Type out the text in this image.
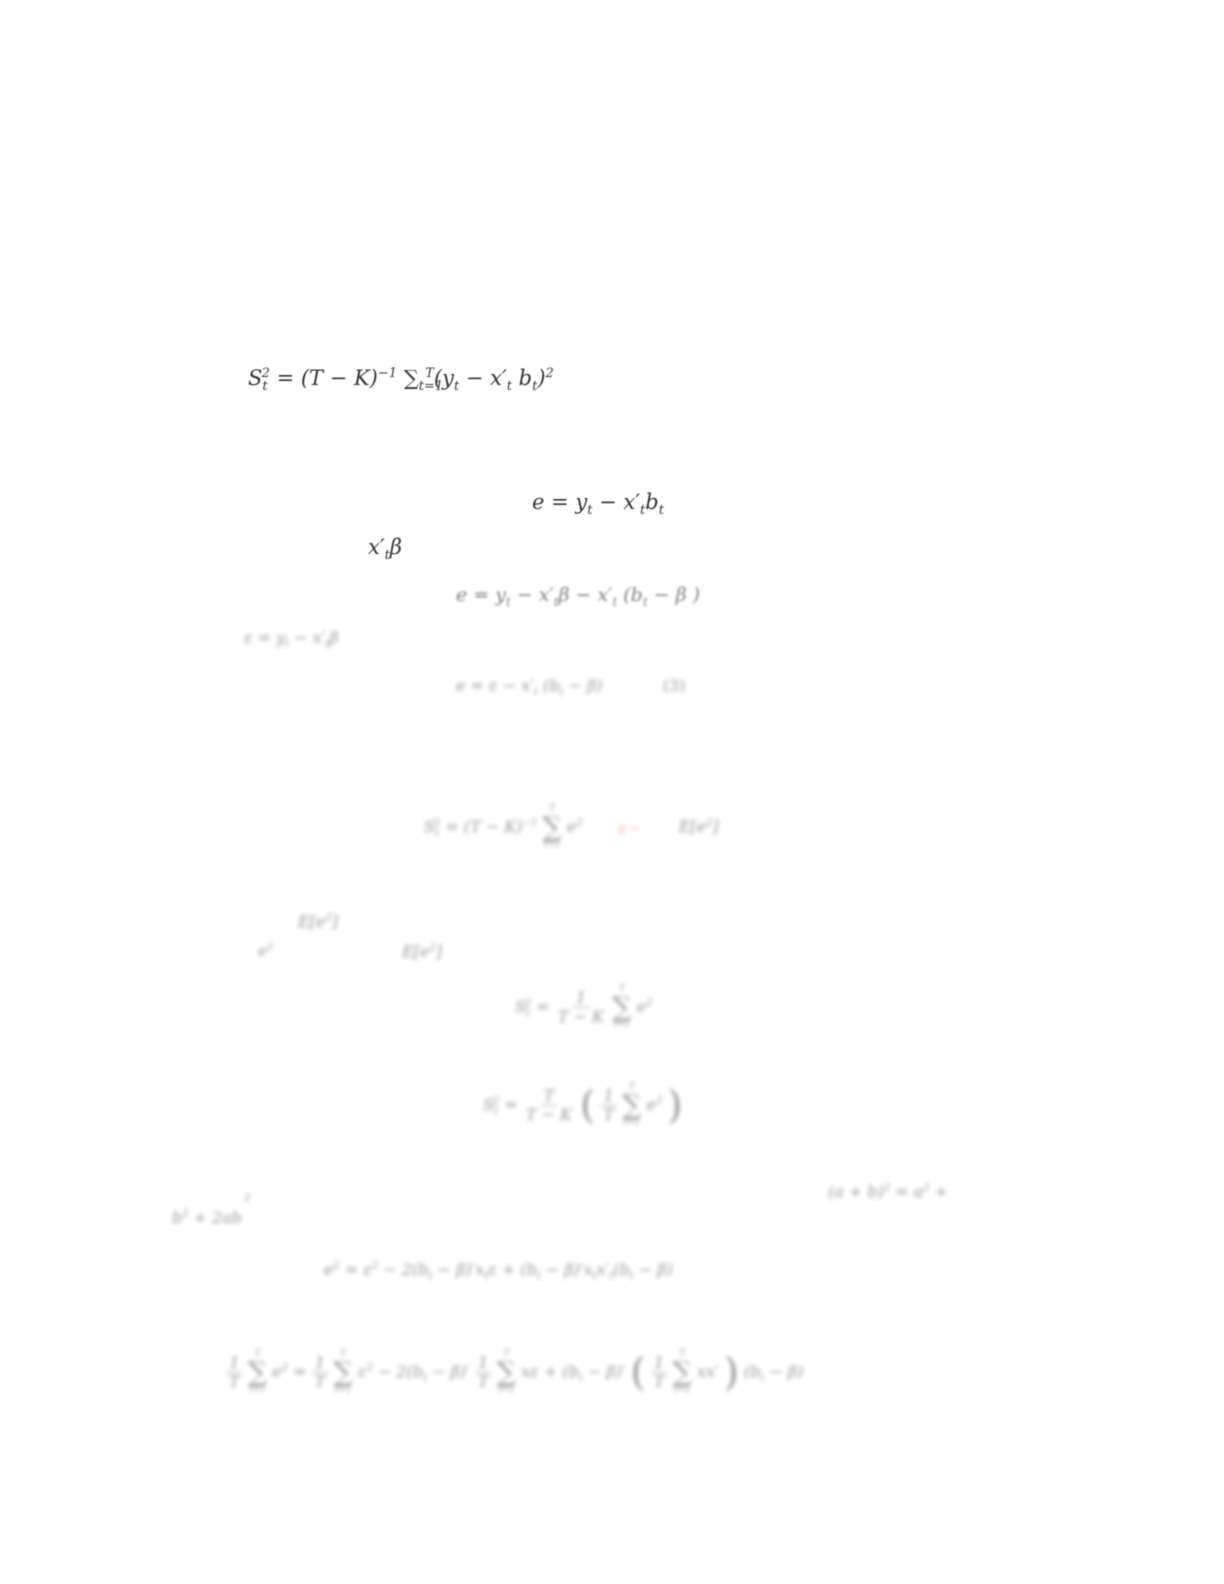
$S_t^2 = (T - K)^{-1}$ $\sum_{t=1}^T(y_t - x'_t$ $b_t)^2$
$e = y_t - x'_tb_t$
$x'_t\beta$
$e = y_t - x'_t\beta - x'_t$ ($b_t - \beta$ )
$\varepsilon = y_t - x'_t\beta$
$e = \varepsilon - x'_t$ $(b_t - \beta)$	(3)
$S_t^2 = (T - K)^{-1}$
T
∑
t=1
$e^2$	p →	$E[e^2]$
$E[e^2]$
$e^2$	$E[e^2]$
$S_t^2 = \frac{1}{T - K}$

T
∑
t=1
$e^2$
$S_t^2 = \frac{T}{T - K}$ ( $\frac{1}{T}$

T
∑
t=1
$e^2$ )
$(a + b)^2 = a^2$ +
$b^2 + 2ab^2$
$e^2 = \varepsilon^2 - 2(b_t - \beta)'x_t\varepsilon + (b_t - \beta)'x_tx'_t(b_t - \beta)$
$\frac{1}{T}$

T
∑
t=1
$e^2 = \frac{1}{T}$

T
∑
t=1
$\varepsilon^2 - 2(b_t - \beta)' \frac{1}{T}$

T
∑
t=1
$x\varepsilon + (b_t - \beta)'$ ( $\frac{1}{T}$

T
∑
t=1
xx′ ) $(b_t - \beta)$
